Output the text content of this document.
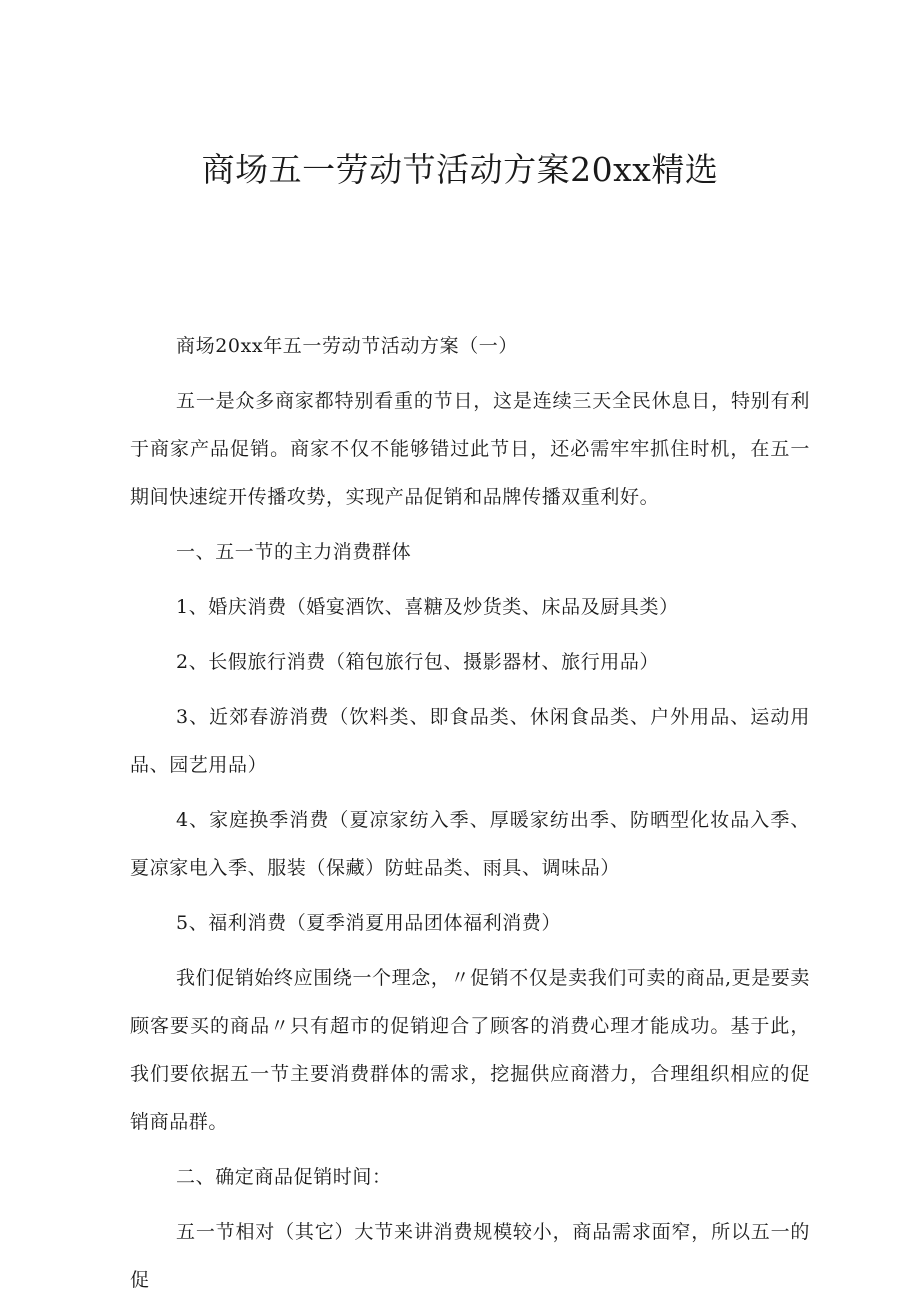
商场五一劳动节活动方案20xx精选

商场20xx年五一劳动节活动方案（一）

五一是众多商家都特别看重的节日，这是连续三天全民休息日，特别有利于商家产品促销。商家不仅不能够错过此节日，还必需牢牢抓住时机，在五一期间快速绽开传播攻势，实现产品促销和品牌传播双重利好。

一、五一节的主力消费群体

1、婚庆消费（婚宴酒饮、喜糖及炒货类、床品及厨具类）

2、长假旅行消费（箱包旅行包、摄影器材、旅行用品）

3、近郊春游消费（饮料类、即食品类、休闲食品类、户外用品、运动用品、园艺用品）

4、家庭换季消费（夏凉家纺入季、厚暖家纺出季、防晒型化妆品入季、夏凉家电入季、服装（保藏）防蛀品类、雨具、调味品）

5、福利消费（夏季消夏用品团体福利消费）

我们促销始终应围绕一个理念，〃促销不仅是卖我们可卖的商品,更是要卖顾客要买的商品〃只有超市的促销迎合了顾客的消费心理才能成功。基于此，我们要依据五一节主要消费群体的需求，挖掘供应商潜力，合理组织相应的促销商品群。

二、确定商品促销时间：

五一节相对（其它）大节来讲消费规模较小，商品需求面窄，所以五一的促
